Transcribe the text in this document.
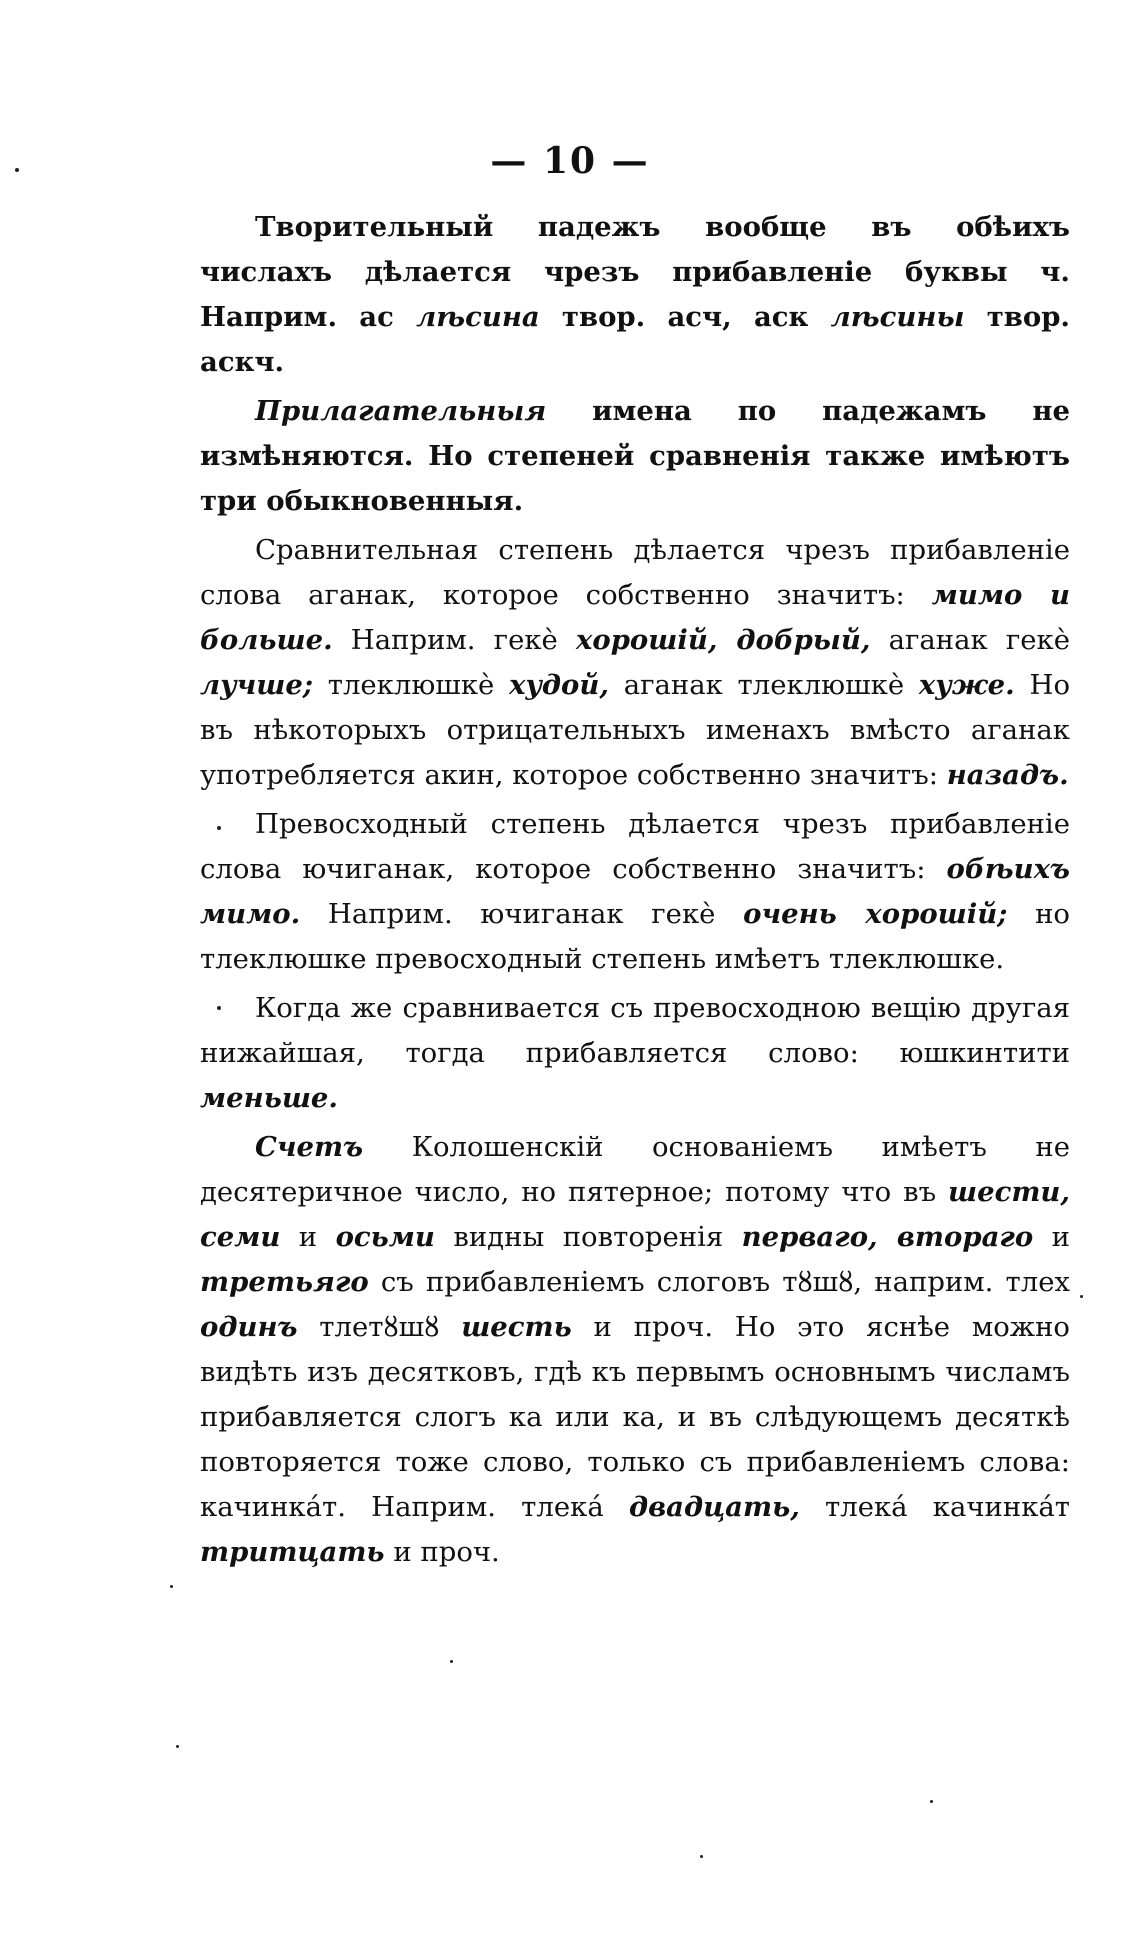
— 10 —

Творительный падежъ вообще въ обѣихъ числахъ дѣлается чрезъ прибавленіе буквы ч. Наприм. ас лѣсина твор. асч, аск лѣсины твор. аскч.

Прилагательныя имена по падежамъ не измѣняются. Но степеней сравненія также имѣютъ три обыкновенныя.

Сравнительная степень дѣлается чрезъ прибавленіе слова аганак, которое собственно значитъ: мимо и больше. Наприм. гекѐ хорошій, добрый, аганак гекѐ лучше; тлеклюшкѐ худой, аганак тлеклюшкѐ хуже. Но въ нѣкоторыхъ отрицательныхъ именахъ вмѣсто аганак употребляется акин, которое собственно значитъ: назадъ.

Превосходный степень дѣлается чрезъ прибавленіе слова ючиганак, которое собственно значитъ: обѣихъ мимо. Наприм. ючиганак гекѐ очень хорошій; но тлеклюшке превосходный степень имѣетъ тлеклюшке.

Когда же сравнивается съ превосходною вещію другая нижайшая, тогда прибавляется слово: юшкинтити меньше.

Счетъ Колошенскій основаніемъ имѣетъ не десятеричное число, но пятерное; потому что въ шести, семи и осьми видны повторенія перваго, втораго и третьяго съ прибавленіемъ слоговъ тȣшȣ, наприм. тлех одинъ тлетȣшȣ шесть и проч. Но это яснѣе можно видѣть изъ десятковъ, гдѣ къ первымъ основнымъ числамъ прибавляется слогъ ка или ка, и въ слѣдующемъ десяткѣ повторяется тоже слово, только съ прибавленіемъ слова: качинкáт. Наприм. тлекá двадцать, тлекá качинкáт тритцать и проч.
